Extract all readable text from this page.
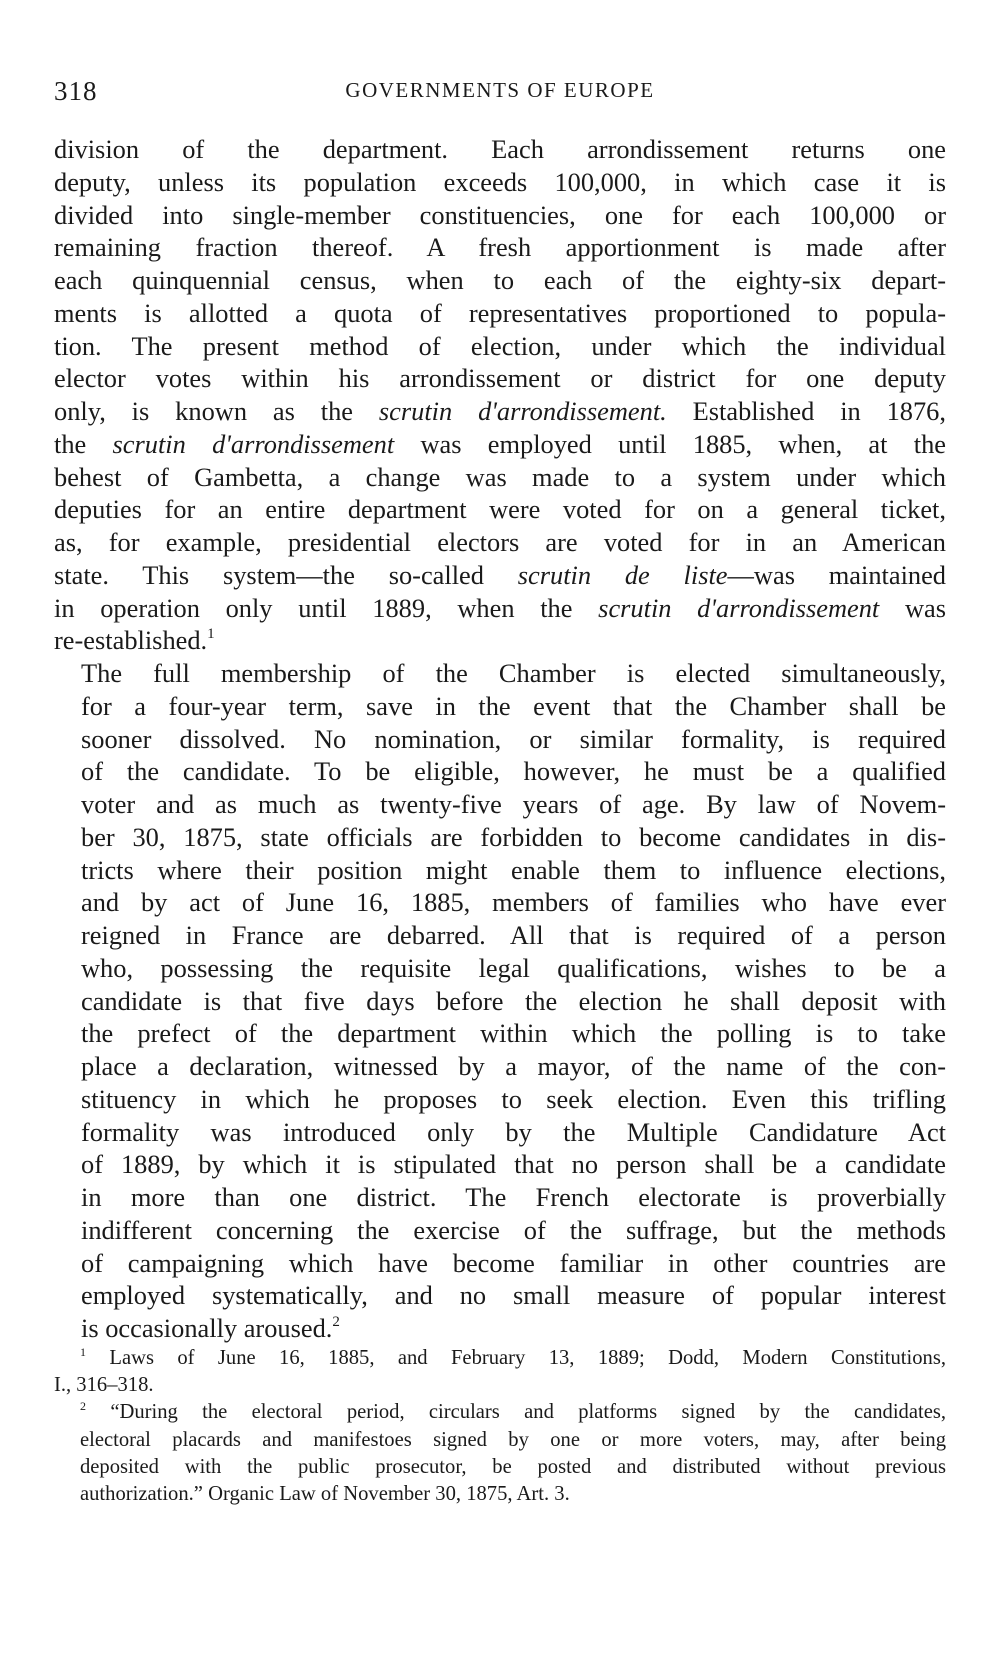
318	GOVERNMENTS OF EUROPE

division of the department. Each arrondissement returns one
deputy, unless its population exceeds 100,000, in which case it is
divided into single-member constituencies, one for each 100,000 or
remaining fraction thereof. A fresh apportionment is made after
each quinquennial census, when to each of the eighty-six depart-
ments is allotted a quota of representatives proportioned to popula-
tion. The present method of election, under which the individual
elector votes within his arrondissement or district for one deputy
only, is known as the scrutin d'arrondissement. Established in 1876,
the scrutin d'arrondissement was employed until 1885, when, at the
behest of Gambetta, a change was made to a system under which
deputies for an entire department were voted for on a general ticket,
as, for example, presidential electors are voted for in an American
state. This system—the so-called scrutin de liste—was maintained
in operation only until 1889, when the scrutin d'arrondissement was
re-established.$^1$

The full membership of the Chamber is elected simultaneously,
for a four-year term, save in the event that the Chamber shall be
sooner dissolved. No nomination, or similar formality, is required
of the candidate. To be eligible, however, he must be a qualified
voter and as much as twenty-five years of age. By law of Novem-
ber 30, 1875, state officials are forbidden to become candidates in dis-
tricts where their position might enable them to influence elections,
and by act of June 16, 1885, members of families who have ever
reigned in France are debarred. All that is required of a person
who, possessing the requisite legal qualifications, wishes to be a
candidate is that five days before the election he shall deposit with
the prefect of the department within which the polling is to take
place a declaration, witnessed by a mayor, of the name of the con-
stituency in which he proposes to seek election. Even this trifling
formality was introduced only by the Multiple Candidature Act
of 1889, by which it is stipulated that no person shall be a candidate
in more than one district. The French electorate is proverbially
indifferent concerning the exercise of the suffrage, but the methods
of campaigning which have become familiar in other countries are
employed systematically, and no small measure of popular interest
is occasionally aroused.$^2$

$^1$ Laws of June 16, 1885, and February 13, 1889; Dodd, Modern Constitutions,
I., 316–318.

$^2$ “During the electoral period, circulars and platforms signed by the candidates,
electoral placards and manifestoes signed by one or more voters, may, after being
deposited with the public prosecutor, be posted and distributed without previous
authorization.” Organic Law of November 30, 1875, Art. 3.
